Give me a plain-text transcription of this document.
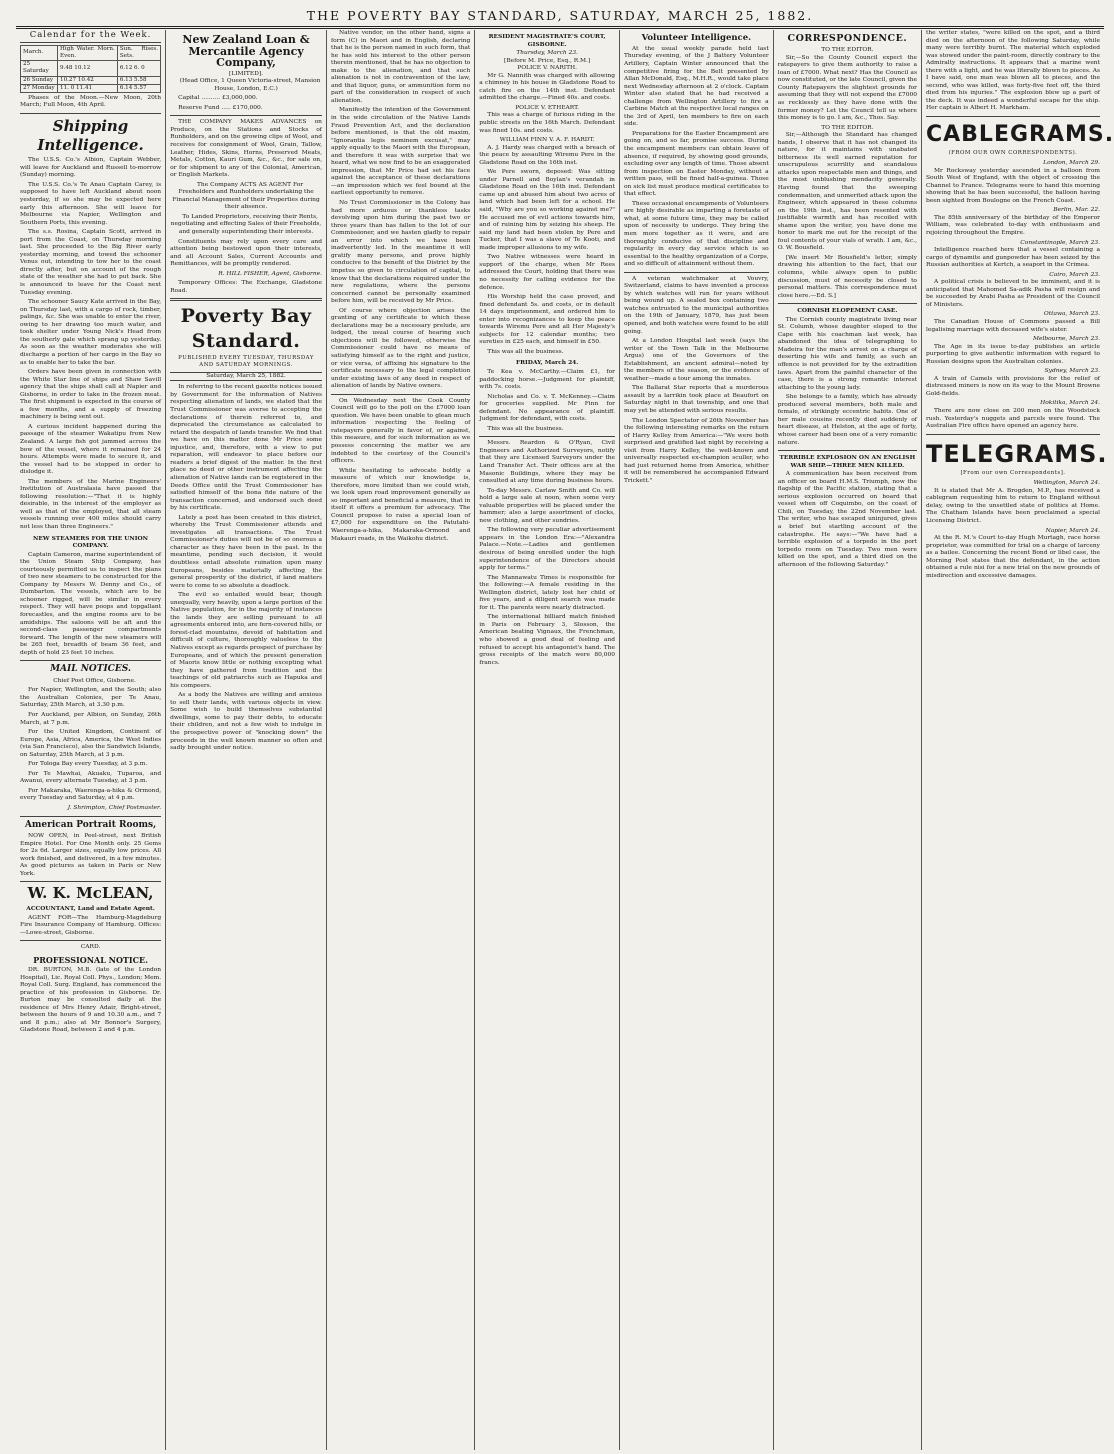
THE POVERTY BAY STANDARD, SATURDAY, MARCH 25, 1882.
Calendar for the Week.
March.	High Water. Morn. Even.	Sun. Rises. Sets.
25 Saturday	9.48 10.12	6.12 6. 0
26 Sunday	10.27 10.42	6.13 5.58
27 Monday	11. 0 11.41	6.14 5.57

Phases of the Moon.—New Moon, 20th March; Full Moon, 4th April.

Shipping Intelligence.

The U.S.S. Co.'s Albion, Captain Webber, will leave for Auckland and Russell to-morrow (Sunday) morning.

The U.S.S. Co.'s Te Anau Captain Carey, is supposed to have left Auckland about noon yesterday, if so she may be expected here early this afternoon. She will leave for Melbourne via Napier, Wellington and Southern Ports, this evening.

The s.s. Rosina, Captain Scott, arrived in port from the Coast, on Thursday morning last. She proceeded to the Big River early yesterday morning, and towed the schooner Venus out, intending to tow her to the coast directly after, but on account of the rough state of the weather she had to put back. She is announced to leave for the Coast next Tuesday evening.

The schooner Saucy Kate arrived in the Bay, on Thursday last, with a cargo of rock, timber, palings, &c. She was unable to enter the river, owing to her drawing too much water, and took shelter under Young Nick's Head from the southerly gale which sprang up yesterday. As soon as the weather moderates she will discharge a portion of her cargo in the Bay so as to enable her to take the bar.

Orders have been given in connection with the White Star line of ships and Shaw Savill agency that the ships shall call at Napier and Gisborne, in order to take in the frozen meat. The first shipment is expected in the course of a few months, and a supply of freezing machinery is being sent out.

A curious incident happened during the passage of the steamer Wakatipu from New Zealand. A large fish got jammed across the bow of the vessel, where it remained for 24 hours. Attempts were made to secure it, and the vessel had to be stopped in order to dislodge it.

The members of the Marine Engineers' Institution of Australasia have passed the following resolution:—"That it is highly desirable, in the interest of the employer as well as that of the employed, that all steam vessels running over 400 miles should carry not less than three Engineers."

NEW STEAMERS FOR THE UNION COMPANY.

Captain Cameron, marine superintendent of the Union Steam Ship Company, has courteously permitted us to inspect the plans of two new steamers to be constructed for the Company by Messrs W. Denny and Co., of Dumbarton. The vessels, which are to be schooner rigged, will be similar in every respect. They will have poops and topgallant forecastles, and the engine rooms are to be amidships. The saloons will be aft and the second-class passenger compartments forward. The length of the new steamers will be 265 feet, breadth of beam 36 feet, and depth of hold 23 feet 10 inches.

MAIL NOTICES.

Chief Post Office, Gisborne.

For Napier, Wellington, and the South; also the Australian Colonies, per Te Anau, Saturday, 25th March, at 3.30 p.m.

For Auckland, per Albion, on Sunday, 26th March, at 7 p.m.

For the United Kingdom, Continent of Europe, Asia, Africa, America, the West Indies (via San Francisco), also the Sandwich Islands, on Saturday, 25th March, at 3 p.m.

For Tologa Bay every Tuesday, at 3 p.m.

For Te Mawhai, Akuaku, Tuparoa, and Awanui, every alternate Tuesday, at 3 p.m.

For Makaraka, Waerenga-a-hika & Ormond, every Tuesday and Saturday, at 4 p.m.

J. Shrimpton, Chief Postmaster.

American Portrait Rooms,

NOW OPEN, in Peel-street, next British Empire Hotel. For One Month only. 25 Gems for 2s 6d. Larger sizes, equally low prices. All work finished, and delivered, in a few minutes. As good pictures as taken in Paris or New York.

W. K. McLEAN,
ACCOUNTANT, Land and Estate Agent.

AGENT FOR—The Hamburg-Magdeburg Fire Insurance Company of Hamburg. Offices:—Lowe-street, Gisborne.

CARD.
PROFESSIONAL NOTICE.

DR. BURTON, M.B. (late of the London Hospital), Lic. Royal Coll. Phys., London; Mem. Royal Coll. Surg. England, has commenced the practice of his profession in Gisborne. Dr. Burton may be consulted daily at the residence of Mrs Henry Adair, Bright-street, between the hours of 9 and 10.30 a.m., and 7 and 8 p.m.; also at Mr Bonnor's Surgery, Gladstone Road, between 2 and 4 p.m.

New Zealand Loan & Mercantile Agency Company,
[LIMITED].

(Head Office, 1 Queen Victoria-street, Mansion House, London, E.C.)

Capital .......... £3,000,000.

Reserve Fund ..... £170,000.

THE COMPANY MAKES ADVANCES on Produce, on the Stations and Stocks of Runholders, and on the growing clips of Wool, and receives for consignment of Wool, Grain, Tallow, Leather, Hides, Skins, Horns, Preserved Meats, Metals, Cotton, Kauri Gum, &c., &c., for sale on, or for shipment to any of the Colonial, American, or English Markets.

The Company ACTS AS AGENT For Freeholders and Runholders undertaking the Financial Management of their Properties during their absence.

To Landed Proprietors, receiving their Rents, negotiating and effecting Sales of their Freeholds, and generally superintending their interests.

Constituents may rely upon every care and attention being bestowed upon their interests, and all Account Sales, Current Accounts and Remittances, will be promptly rendered.

R. HILL FISHER, Agent, Gisborne.

Temporary Offices: The Exchange, Gladstone Road.

Poverty Bay Standard.
PUBLISHED EVERY TUESDAY, THURSDAY AND SATURDAY MORNINGS.
Saturday, March 25, 1882.

In referring to the recent gazette notices issued by Government for the information of Natives respecting alienation of lands, we stated that the Trust Commissioner was averse to accepting the declarations of therein referred to, and deprecated the circumstance as calculated to retard the despatch of lands transfer. We find that we have on this matter done Mr Price some injustice, and, therefore, with a view to put reparation, will endeavor to place before our readers a brief digest of the matter. In the first place no deed or other instrument affecting the alienation of Native lands can be registered in the Deeds Office until the Trust Commissioner has satisfied himself of the bona fide nature of the transaction concerned, and endorsed such deed by his certificate.

Lately a post has been created in this district, whereby the Trust Commissioner attends and investigates all transactions. The Trust Commissioner's duties will not be of so onerous a character as they have been in the past. In the meantime, pending such decision, it would doubtless entail absolute ruination upon many Europeans, besides materially affecting the general prosperity of the district, if land matters were to come to so absolute a deadlock.

The evil so entailed would bear, though unequally, very heavily, upon a large portion of the Native population, for in the majority of instances the lands they are selling pursuant to all agreements entered into, are fern-covered hills, or forest-clad mountains, devoid of habitation and difficult of culture, thoroughly valueless to the Natives except as regards prospect of purchase by Europeans, and of which the present generation of Maoris know little or nothing excepting what they have gathered from tradition and the teachings of old patriarchs such as Hapuka and his compeers.

As a body the Natives are willing and anxious to sell their lands, with various objects in view. Some wish to build themselves substantial dwellings, some to pay their debts, to educate their children, and not a few wish to indulge in the prospective power of "knocking down" the proceeds in the well known manner so often and sadly brought under notice.

Native vendor, on the other hand, signs a form (C) in Maori and in English, declaring that he is the person named in such form, that he has sold his interest to the other person therein mentioned, that he has no objection to make to the alienation, and that such alienation is not in contravention of the law, and that liquor, guns, or ammunition form no part of the consideration in respect of such alienation.

Manifestly the intention of the Government in the wide circulation of the Native Lands Fraud Prevention Act, and the declaration before mentioned, is that the old maxim, "Ignorantia legis neminem excusat," may apply equally to the Maori with the European, and therefore it was with surprise that we heard, what we now find to be an exaggerated impression, that Mr Price had set his face against the acceptance of these declarations—an impression which we feel bound at the earliest opportunity to remove.

No Trust Commissioner in the Colony has had more arduous or thankless tasks devolving upon him during the past two or three years than has fallen to the lot of our Commissioner, and we hasten gladly to repair an error into which we have been inadvertently led. In the meantime it will gratify many persons, and prove highly conducive to the benefit of the District by the impetus so given to circulation of capital, to know that the declarations required under the new regulations, where the persons concerned cannot be personally examined before him, will be received by Mr Price.

Of course where objection arises the granting of any certificate to which these declarations may be a necessary prelude, are lodged, the usual course of hearing such objections will be followed, otherwise the Commissioner could have no means of satisfying himself as to the right and justice, or vice versa, of affixing his signature to the certificate necessary to the legal completion under existing laws of any deed in respect of alienation of lands by Native owners.

On Wednesday next the Cook County Council will go to the poll on the £7000 loan question. We have been unable to glean much information respecting the feeling of ratepayers generally in favor of, or against, this measure, and for such information as we possess concerning the matter we are indebted to the courtesy of the Council's officers.

While hesitating to advocate boldly a measure of which our knowledge is, therefore, more limited than we could wish, we look upon road improvement generally as so important and beneficial a measure, that in itself it offers a premium for advocacy. The Council propose to raise a special loan of £7,000 for expenditure on the Patutahi-Waerenga-a-hika, Makaraka-Ormond and Makauri roads, in the Waikohu district.

RESIDENT MAGISTRATE'S COURT, GISBORNE.
Thursday, March 23.
[Before M. Price, Esq., R.M.]
POLICE V. NARITH.

Mr G. Nannith was charged with allowing a chimney in his house in Gladstone Road to catch fire on the 14th inst. Defendant admitted the charge.—Fined 40s. and costs.

POLICE V. ETHEART.

This was a charge of furious riding in the public streets on the 16th March. Defendant was fined 10s. and costs.

WILLIAM FINN V. A. F. HARDT.

A. J. Hardy was charged with a breach of the peace by assaulting Wiremu Pere in the Gladstone Road on the 16th inst.

We Pere sworn, deposed: Was sitting under Parnell and Boylan's verandah in Gladstone Road on the 16th inst. Defendant came up and abused him about two acres of land which had been left for a school. He said, "Why are you so working against me?" He accused me of evil actions towards him, and of ruining him by seizing his sheep. He said my land had been stolen by Pere and Tucker, that I was a slave of Te Kooti, and made improper allusions to my wife.

Two Native witnesses were heard in support of the charge, when Mr Rees addressed the Court, holding that there was no necessity for calling evidence for the defence.

His Worship held the case proved, and fined defendant 5s. and costs, or in default 14 days imprisonment, and ordered him to enter into recognizances to keep the peace towards Wiremu Pere and all Her Majesty's subjects for 12 calendar months; two sureties in £25 each, and himself in £50.

This was all the business.

FRIDAY, March 24.

Te Kea v. McCarthy.—Claim £1, for paddocking horse.—Judgment for plaintiff, with 7s. costs.

Nicholas and Co. v. T. McKenney.—Claim for groceries supplied. Mr Finn for defendant. No appearance of plaintiff. Judgment for defendant, with costs.

This was all the business.

Messrs. Reardon & O'Ryan, Civil Engineers and Authorized Surveyors, notify that they are Licensed Surveyors under the Land Transfer Act. Their offices are at the Masonic Buildings, where they may be consulted at any time during business hours.

To-day Messrs. Carlaw Smith and Co. will hold a large sale at noon, when some very valuable properties will be placed under the hammer; also a large assortment of clocks, new clothing, and other sundries.

The following very peculiar advertisement appears in the London Era:—"Alexandra Palace.—Note.—Ladies and gentlemen desirous of being enrolled under the high superintendence of the Directors should apply for terms."

The Mannawatu Times is responsible for the following:—A female residing in the Wellington district, lately lost her child of five years, and a diligent search was made for it. The parents were nearly distracted.

The international billiard match finished in Paris on February 3, Slosson, the American beating Vignaux, the Frenchman, who showed a good deal of feeling and refused to accept his antagonist's hand. The gross receipts of the match were 80,000 francs.

Volunteer Intelligence.

At the usual weekly parade held last Thursday evening, of the J Battery Volunteer Artillery, Captain Winter announced that the competitive firing for the Belt presented by Allan McDonald, Esq., M.H.R., would take place next Wednesday afternoon at 2 o'clock. Captain Winter also stated that he had received a challenge from Wellington Artillery to fire a Carbine Match at the respective local ranges on the 3rd of April, ten members to fire on each side.

Preparations for the Easter Encampment are going on, and so far, promise success. During the encampment members can obtain leave of absence, if required, by showing good grounds, excluding over any length of time. Those absent from inspection on Easter Monday, without a written pass, will be fined half-a-guinea. Those on sick list must produce medical certificates to that effect.

These occasional encampments of Volunteers are highly desirable as imparting a foretaste of what, at some future time, they may be called upon of necessity to undergo. They bring the men more together as it were, and are thoroughly conducive of that discipline and regularity in every day service which is so essential to the healthy organization of a Corps, and so difficult of attainment without them.

A veteran watchmaker at Vouvry, Switzerland, claims to have invented a process by which watches will run for years without being wound up. A sealed box containing two watches entrusted to the municipal authorities on the 19th of January, 1879, has just been opened, and both watches were found to be still going.

At a London Hospital last week (says the writer of the Town Talk in the Melbourne Argus) one of the Governors of the Establishment, an ancient admiral—noted by the members of the season, or the evidence of weather—made a tour among the inmates.

The Ballarat Star reports that a murderous assault by a larrikin took place at Beaufort on Saturday night in that township, and one that may yet be attended with serious results.

The London Spectator of 26th November has the following interesting remarks on the return of Harry Kelley from America:—"We were both surprised and gratified last night by receiving a visit from Harry Kelley, the well-known and universally respected ex-champion sculler, who had just returned home from America, whither it will be remembered he accompanied Edward Trickett."

CORRESPONDENCE.
TO THE EDITOR.

Sir,—So the County Council expect the ratepayers to give them authority to raise a loan of £7000. What next? Has the Council as now constituted, or the late Council, given the County Ratepayers the slightest grounds for assuming that they will not expend the £7000 as recklessly as they have done with the former money? Let the Council tell us where this money is to go. I am, &c., Thos. Say.

TO THE EDITOR.

Sir,—Although the Standard has changed hands, I observe that it has not changed its nature, for it maintains with unabated bitterness its well earned reputation for unscrupulous scurrility and scandalous attacks upon respectable men and things, and the most unblushing mendacity generally. Having found that the sweeping condemnation, and unmerited attack upon the Engineer, which appeared in these columns on the 19th inst., has been resented with justifiable warmth and has recoiled with shame upon the writer, you have done me honor to mark me out for the receipt of the foul contents of your vials of wrath. I am, &c., O. W. Bousfield.

[We insert Mr Bousfield's letter, simply drawing his attention to the fact, that our columns, while always open to public discussion, must of necessity be closed to personal matters. This correspondence must close here.—Ed. S.]

CORNISH ELOPEMENT CASE.

The Cornish county magistrate living near St. Columb, whose daughter eloped to the Cape with his coachman last week, has abandoned the idea of telegraphing to Madeira for the man's arrest on a charge of deserting his wife and family, as such an offence is not provided for by the extradition laws. Apart from the painful character of the case, there is a strong romantic interest attaching to the young lady.

She belongs to a family, which has already produced several members, both male and female, of strikingly eccentric habits. One of her male cousins recently died suddenly of heart disease, at Helston, at the age of forty, whose career had been one of a very romantic nature.

TERRIBLE EXPLOSION ON AN ENGLISH WAR SHIP.—THREE MEN KILLED.

A communication has been received from an officer on board H.M.S. Triumph, now the flagship of the Pacific station, stating that a serious explosion occurred on board that vessel when off Coquimbo, on the coast of Chili, on Tuesday, the 22nd November last. The writer, who has escaped uninjured, gives a brief but startling account of the catastrophe. He says:—"We have had a terrible explosion of a torpedo in the port torpedo room on Tuesday. Two men were killed on the spot, and a third died on the afternoon of the following Saturday."

the writer states, "were killed on the spot, and a third died on the afternoon of the following Saturday, while many were terribly burnt. The material which exploded was stowed under the paint-room, directly contrary to the Admiralty instructions. It appears that a marine went there with a light, and he was literally blown to pieces. As I have said, one man was blown all to pieces, and the second, who was killed, was forty-five feet off, the third died from his injuries." The explosion blew up a part of the deck. It was indeed a wonderful escape for the ship. Her captain is Albert H. Markham.

CABLEGRAMS.
(FROM OUR OWN CORRESPONDENTS).
London, March 29.

Mr Rocksway yesterday ascended in a balloon from South West of England, with the object of crossing the Channel to France. Telegrams were to hand this morning showing that he has been successful, the balloon having been sighted from Boulogne on the French Coast.

Berlin, Mar. 22.

The 85th anniversary of the birthday of the Emperor William, was celebrated to-day with enthusiasm and rejoicing throughout the Empire.

Constantinople, March 23.

Intelligence reached here that a vessel containing a cargo of dynamite and gunpowder has been seized by the Russian authorities at Kertch, a seaport in the Crimea.

Cairo, March 23.

A political crisis is believed to be imminent, and it is anticipated that Mahomed Sa-adik Pasha will resign and be succeeded by Arabi Pasha as President of the Council of Ministers.

Ottawa, March 23.

The Canadian House of Commons passed a Bill legalising marriage with deceased wife's sister.

Melbourne, March 23.

The Age in its issue to-day publishes an article purporting to give authentic information with regard to Russian designs upon the Australian colonies.

Sydney, March 23.

A train of Camels with provisions for the relief of distressed miners is now on its way to the Mount Browne Gold-fields.

Hokitika, March 24.

There are now close on 200 men on the Woodstock rush. Yesterday's nuggets and parcels were found. The Australian Fire office have opened an agency here.

TELEGRAMS.
[From our own Correspondents].
Wellington, March 24.

It is stated that Mr A. Brogden, M.P., has received a cablegram requesting him to return to England without delay, owing to the unsettled state of politics at Home. The Chatham Islands have been proclaimed a special Licensing District.

Napier, March 24.

At the R. M.'s Court to-day Hugh Murtagh, race horse proprietor, was committed for trial on a charge of larceny as a bailee. Concerning the recent Bond or libel case, the Morning Post states that the defendant, in the action obtained a rule nisi for a new trial on the new grounds of misdirection and excessive damages.
